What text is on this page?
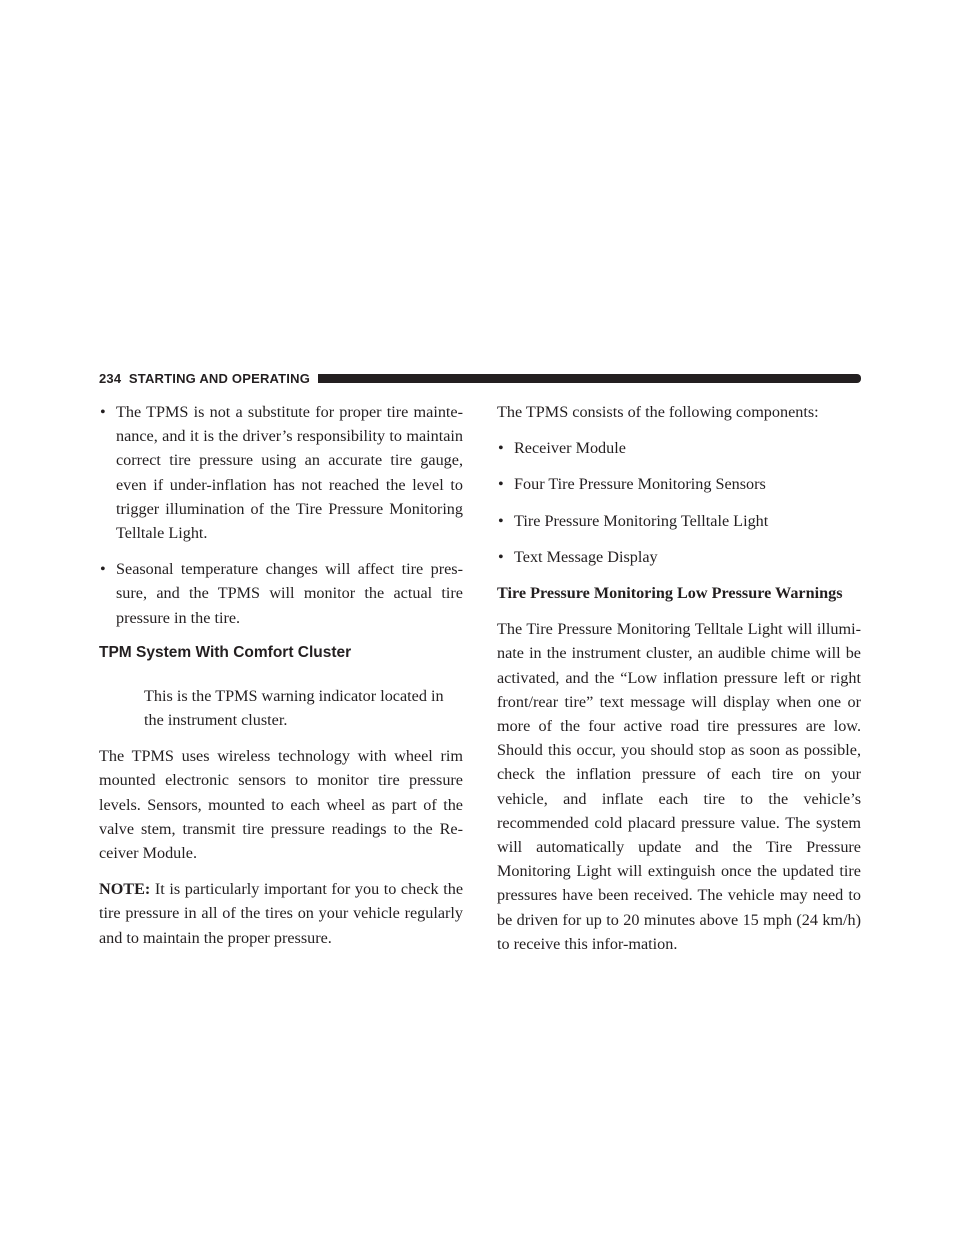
234 STARTING AND OPERATING
• The TPMS is not a substitute for proper tire mainte-nance, and it is the driver’s responsibility to maintain correct tire pressure using an accurate tire gauge, even if under-inflation has not reached the level to trigger illumination of the Tire Pressure Monitoring Telltale Light.
• Seasonal temperature changes will affect tire pres-sure, and the TPMS will monitor the actual tire pressure in the tire.
TPM System With Comfort Cluster
This is the TPMS warning indicator located in the instrument cluster.

The TPMS uses wireless technology with wheel rim mounted electronic sensors to monitor tire pressure levels. Sensors, mounted to each wheel as part of the valve stem, transmit tire pressure readings to the Re-ceiver Module.

NOTE: It is particularly important for you to check the tire pressure in all of the tires on your vehicle regularly and to maintain the proper pressure.

The TPMS consists of the following components:

• Receiver Module
• Four Tire Pressure Monitoring Sensors
• Tire Pressure Monitoring Telltale Light
• Text Message Display
Tire Pressure Monitoring Low Pressure Warnings

The Tire Pressure Monitoring Telltale Light will illumi-nate in the instrument cluster, an audible chime will be activated, and the “Low inflation pressure left or right front/rear tire” text message will display when one or more of the four active road tire pressures are low. Should this occur, you should stop as soon as possible, check the inflation pressure of each tire on your vehicle, and inflate each tire to the vehicle’s recommended cold placard pressure value. The system will automatically update and the Tire Pressure Monitoring Light will extinguish once the updated tire pressures have been received. The vehicle may need to be driven for up to 20 minutes above 15 mph (24 km/h) to receive this infor-mation.
